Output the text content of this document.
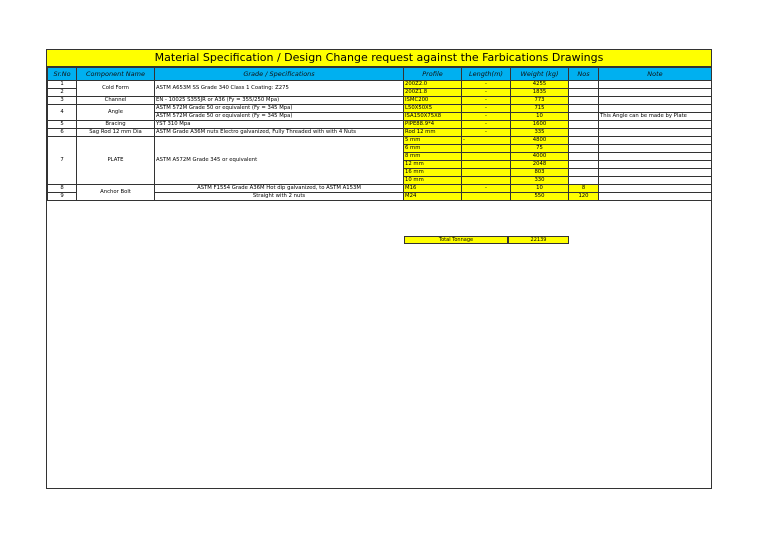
Material Specification / Design Change request against the Farbications Drawings
Sr.No	Component Name	Grade / Specifications	Profile	Length(m)	Weight (kg)	Nos	Note
1	Cold Form	ASTM A653M SS Grade 340 Class 1 Coating: Z275	200Z2.0	-	4255		
2			200Z1.8	-	1835		
3	Channel	EN - 10025 S355JR or A36 (Fy = 355/250 Mpa)	ISMC200	-	773		
4	Angle	ASTM 572M Grade 50 or equivalent (Fy = 345 Mpa)	L50X50X5	-	715		
		ASTM 572M Grade 50 or equivalent (Fy = 345 Mpa)	ISA150X75X8	-	10		This Angle can be made by Plate
5	Bracing	YST 310 Mpa	PIPE88.9*4	-	1600		
6	Sag Rod 12 mm Dia	ASTM Grade A36M nuts Electro galvanized, Fully Threaded with with 4 Nuts	Rod 12 mm	-	335		
7	PLATE	ASTM A572M Grade 345 or equivalent	5 mm	-	4800		
			6 mm		75		
			8 mm		4000		
			12 mm		2048		
			16 mm		803		
			10 mm		330		
8	Anchor Bolt	ASTM F1554 Grade A36M Hot dip galvanized, to ASTM A153M	M16	-	10	8	
9		Straight with 2 nuts	M24		550	120	
Total Tonnage	22139
